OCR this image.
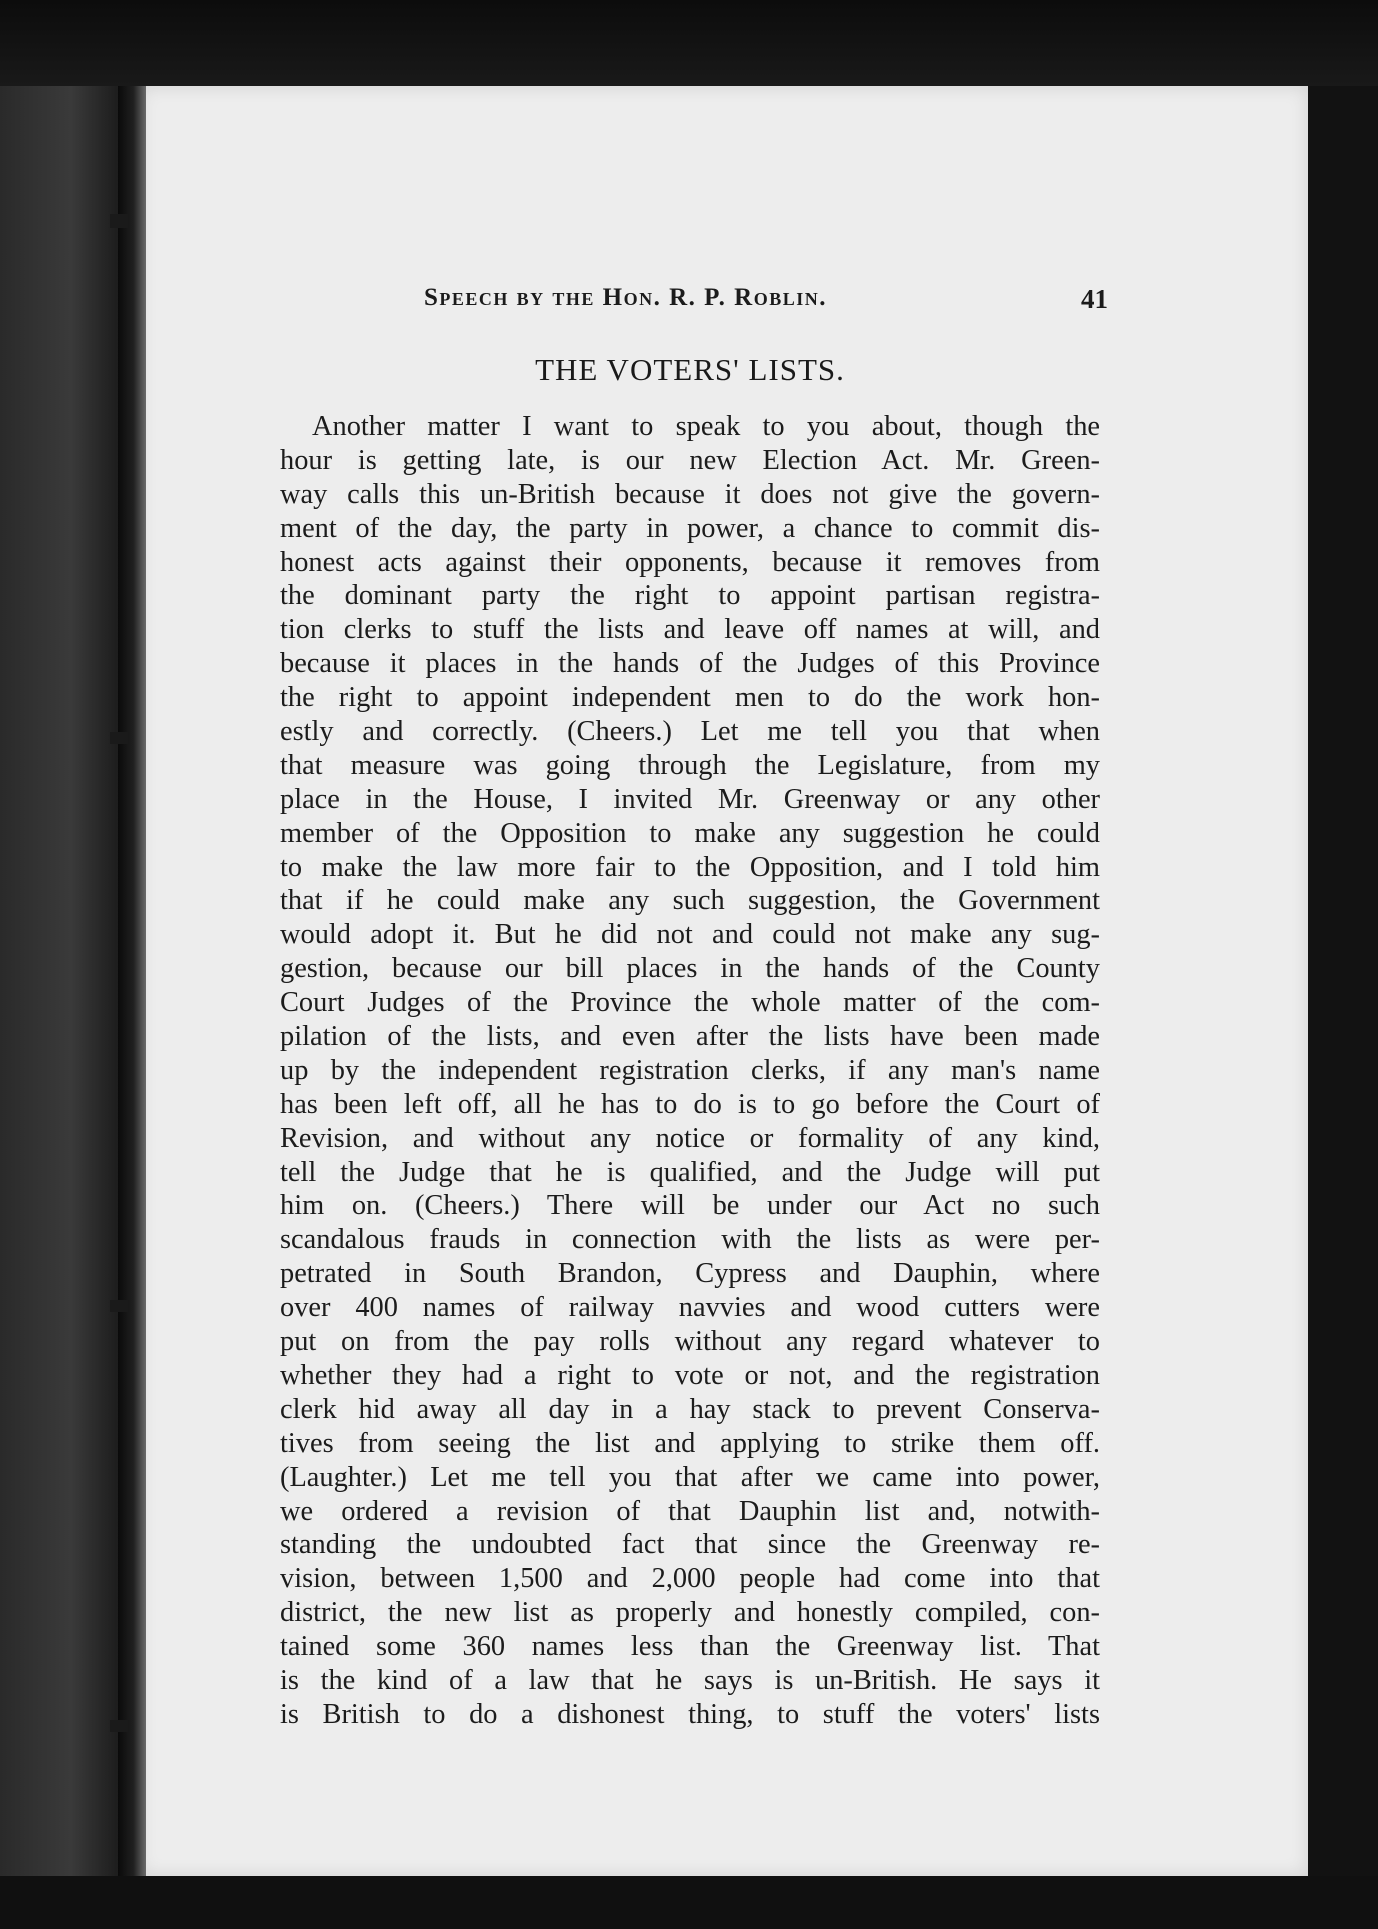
Speech by the Hon. R. P. Roblin.	41
THE VOTERS' LISTS.
Another matter I want to speak to you about, though the
hour is getting late, is our new Election Act. Mr. Green-
way calls this un-British because it does not give the govern-
ment of the day, the party in power, a chance to commit dis-
honest acts against their opponents, because it removes from
the dominant party the right to appoint partisan registra-
tion clerks to stuff the lists and leave off names at will, and
because it places in the hands of the Judges of this Province
the right to appoint independent men to do the work hon-
estly and correctly. (Cheers.) Let me tell you that when
that measure was going through the Legislature, from my
place in the House, I invited Mr. Greenway or any other
member of the Opposition to make any suggestion he could
to make the law more fair to the Opposition, and I told him
that if he could make any such suggestion, the Government
would adopt it. But he did not and could not make any sug-
gestion, because our bill places in the hands of the County
Court Judges of the Province the whole matter of the com-
pilation of the lists, and even after the lists have been made
up by the independent registration clerks, if any man's name
has been left off, all he has to do is to go before the Court of
Revision, and without any notice or formality of any kind,
tell the Judge that he is qualified, and the Judge will put
him on. (Cheers.) There will be under our Act no such
scandalous frauds in connection with the lists as were per-
petrated in South Brandon, Cypress and Dauphin, where
over 400 names of railway navvies and wood cutters were
put on from the pay rolls without any regard whatever to
whether they had a right to vote or not, and the registration
clerk hid away all day in a hay stack to prevent Conserva-
tives from seeing the list and applying to strike them off.
(Laughter.) Let me tell you that after we came into power,
we ordered a revision of that Dauphin list and, notwith-
standing the undoubted fact that since the Greenway re-
vision, between 1,500 and 2,000 people had come into that
district, the new list as properly and honestly compiled, con-
tained some 360 names less than the Greenway list. That
is the kind of a law that he says is un-British. He says it
is British to do a dishonest thing, to stuff the voters' lists
